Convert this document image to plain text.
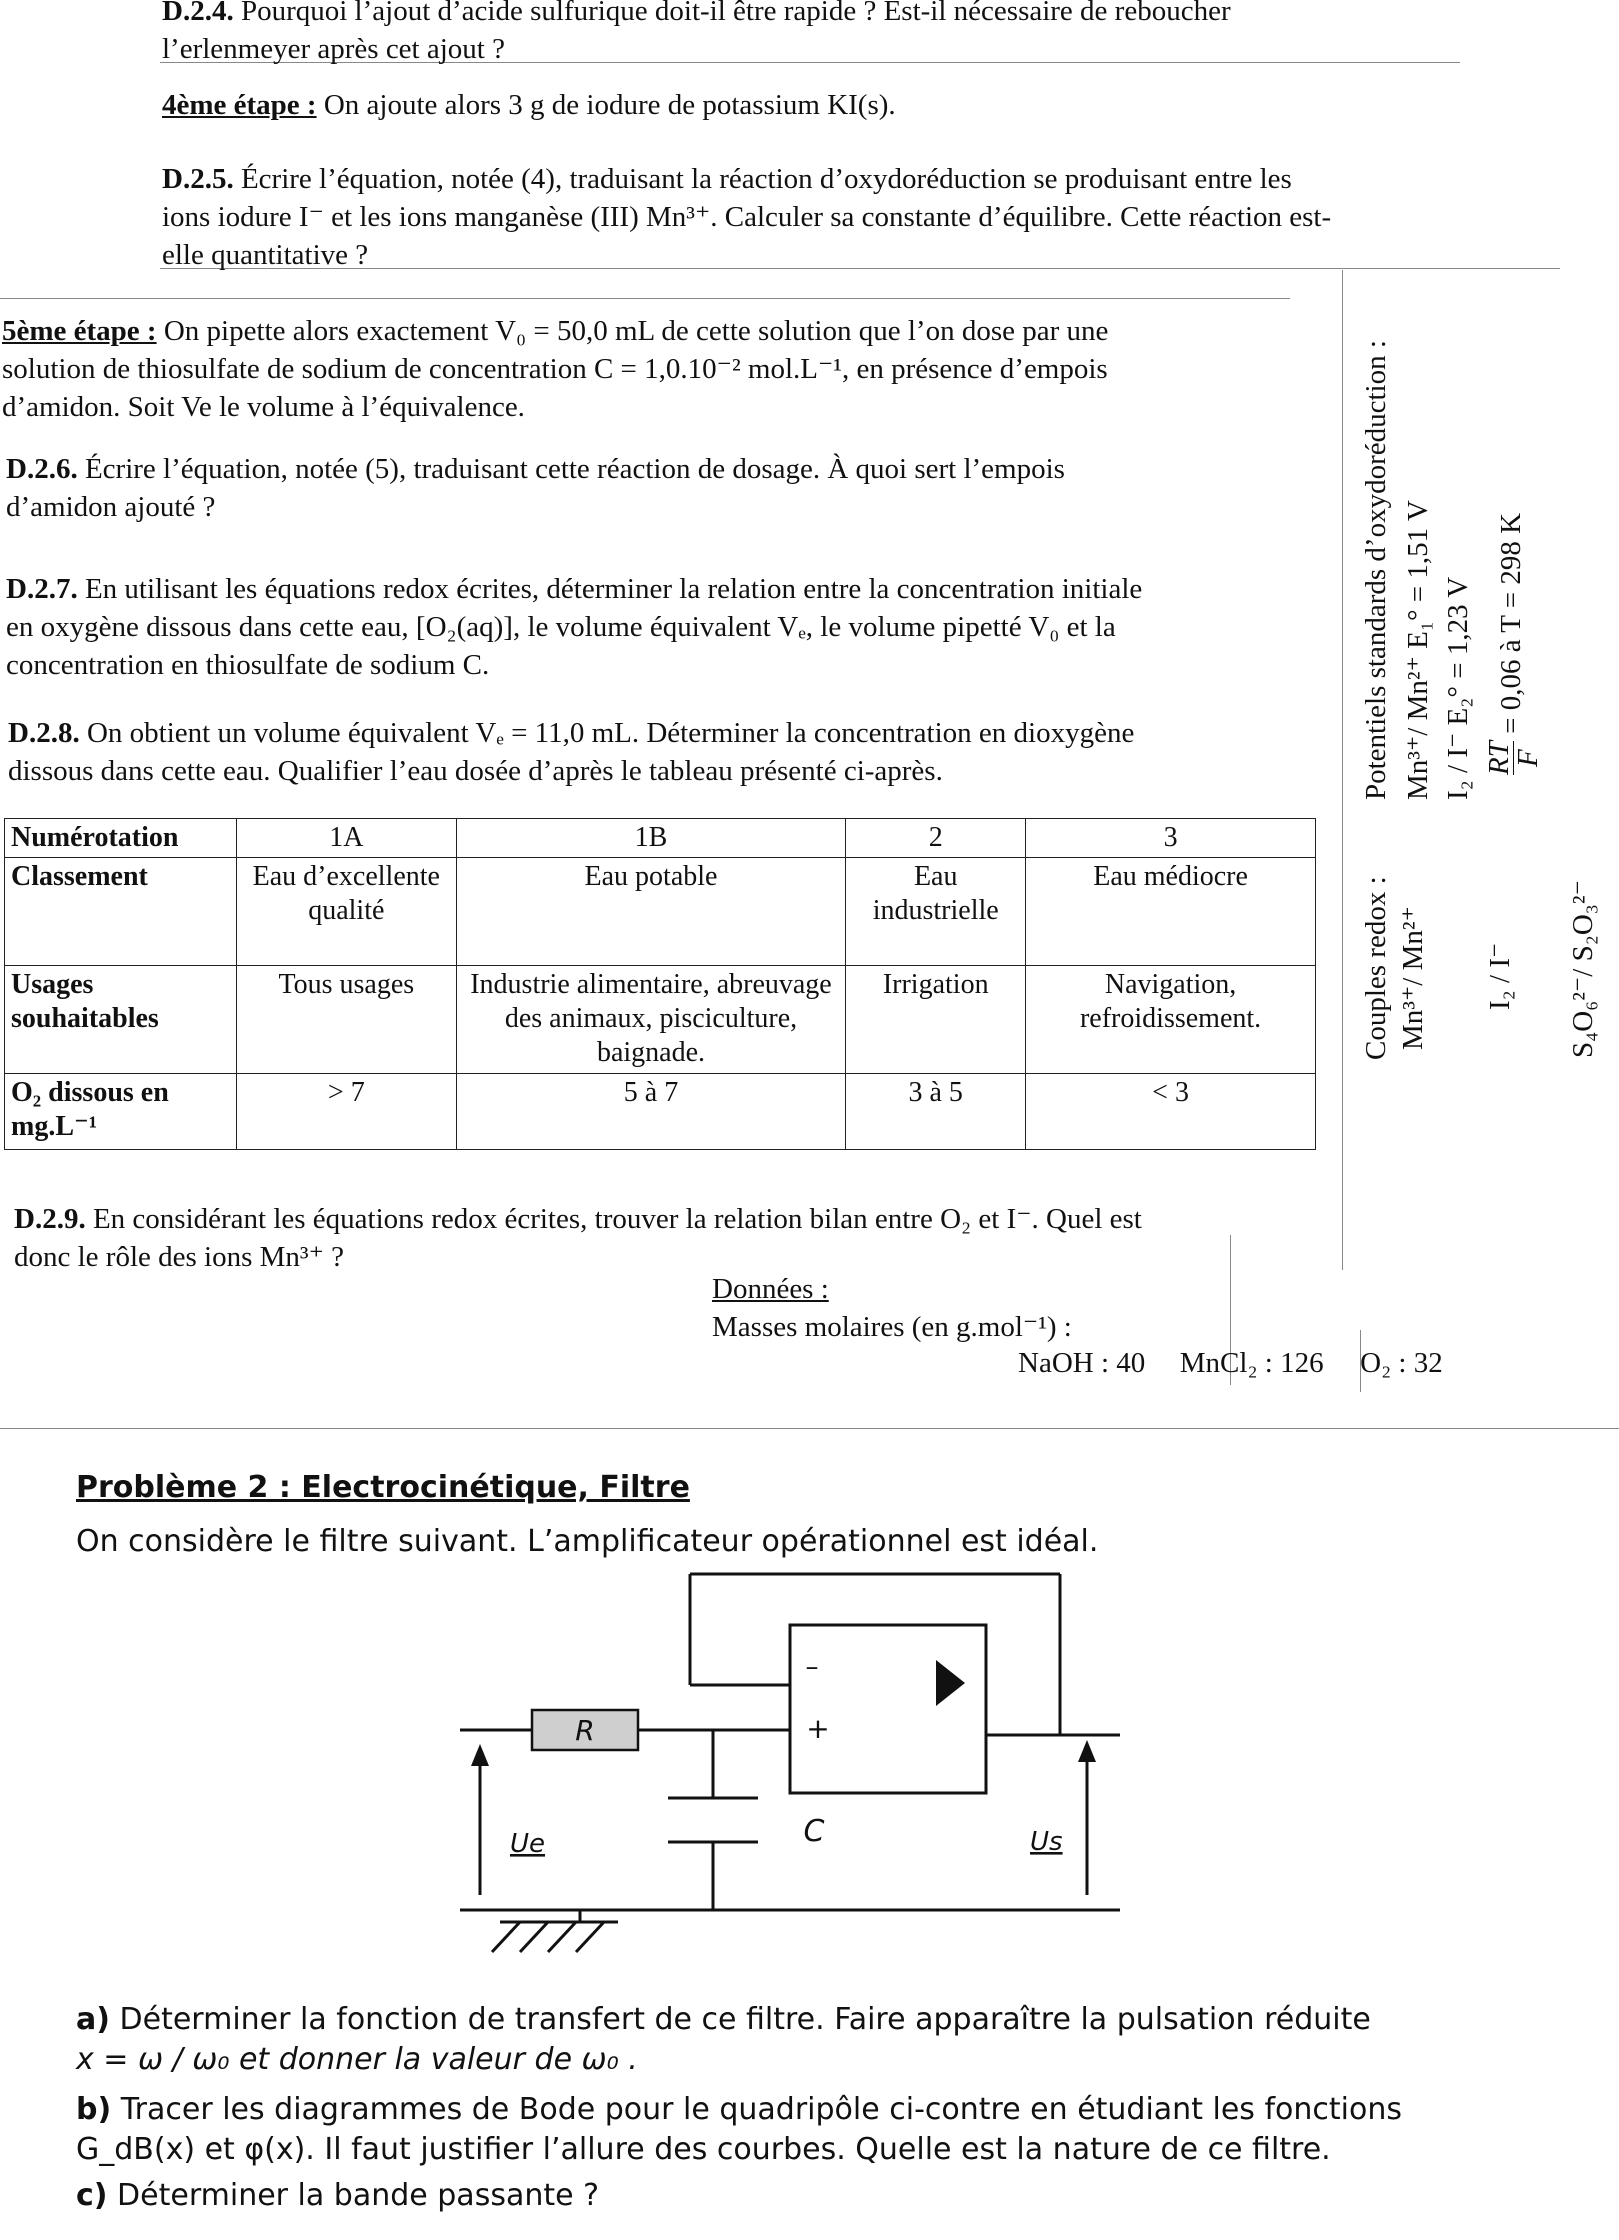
D.2.4. Pourquoi l’ajout d’acide sulfurique doit-il être rapide ? Est-il nécessaire de reboucher
l’erlenmeyer après cet ajout ?
4ème étape : On ajoute alors 3 g de iodure de potassium KI(s).
D.2.5. Écrire l’équation, notée (4), traduisant la réaction d’oxydoréduction se produisant entre les
ions iodure I⁻ et les ions manganèse (III) Mn³⁺. Calculer sa constante d’équilibre. Cette réaction est-
elle quantitative ?
5ème étape : On pipette alors exactement V₀ = 50,0 mL de cette solution que l’on dose par une
solution de thiosulfate de sodium de concentration C = 1,0.10⁻² mol.L⁻¹, en présence d’empois
d’amidon. Soit Ve le volume à l’équivalence.
D.2.6. Écrire l’équation, notée (5), traduisant cette réaction de dosage. À quoi sert l’empois
d’amidon ajouté ?
D.2.7. En utilisant les équations redox écrites, déterminer la relation entre la concentration initiale
en oxygène dissous dans cette eau, [O₂(aq)], le volume équivalent Vₑ, le volume pipetté V₀ et la
concentration en thiosulfate de sodium C.
D.2.8. On obtient un volume équivalent Vₑ = 11,0 mL. Déterminer la concentration en dioxygène
dissous dans cette eau. Qualifier l’eau dosée d’après le tableau présenté ci-après.
Numérotation	1A	1B	2	3
Classement	Eau d’excellente qualité	Eau potable	Eau industrielle	Eau médiocre
Usages souhaitables	Tous usages	Industrie alimentaire, abreuvage des animaux, pisciculture, baignade.	Irrigation	Navigation, refroidissement.
O₂ dissous en mg.L⁻¹	> 7	5 à 7	3 à 5	< 3
Couples redox : Mn³⁺/ Mn²⁺ I₂ / I⁻ S₄O₆²⁻/ S₂O₃²⁻
Potentiels standards d’oxydoréduction : Mn³⁺/ Mn²⁺ E₁° = 1,51 V I₂ / I⁻ E₂° = 1,23 V RT
F
= 0,06 à T = 298 K
D.2.9. En considérant les équations redox écrites, trouver la relation bilan entre O₂ et I⁻. Quel est
donc le rôle des ions Mn³⁺ ?
Données :
Masses molaires (en g.mol⁻¹) :
NaOH : 40 MnCl₂ : 126 O₂ : 32
Problème 2 : Electrocinétique, Filtre
On considère le filtre suivant. L’amplificateur opérationnel est idéal.
R
–
+
C
Ue	Us
a) Déterminer la fonction de transfert de ce filtre. Faire apparaître la pulsation réduite
x = ω / ω₀ et donner la valeur de ω₀ .
b) Tracer les diagrammes de Bode pour le quadripôle ci-contre en étudiant les fonctions
G_dB(x) et φ(x). Il faut justifier l’allure des courbes. Quelle est la nature de ce filtre.
c) Déterminer la bande passante ?
